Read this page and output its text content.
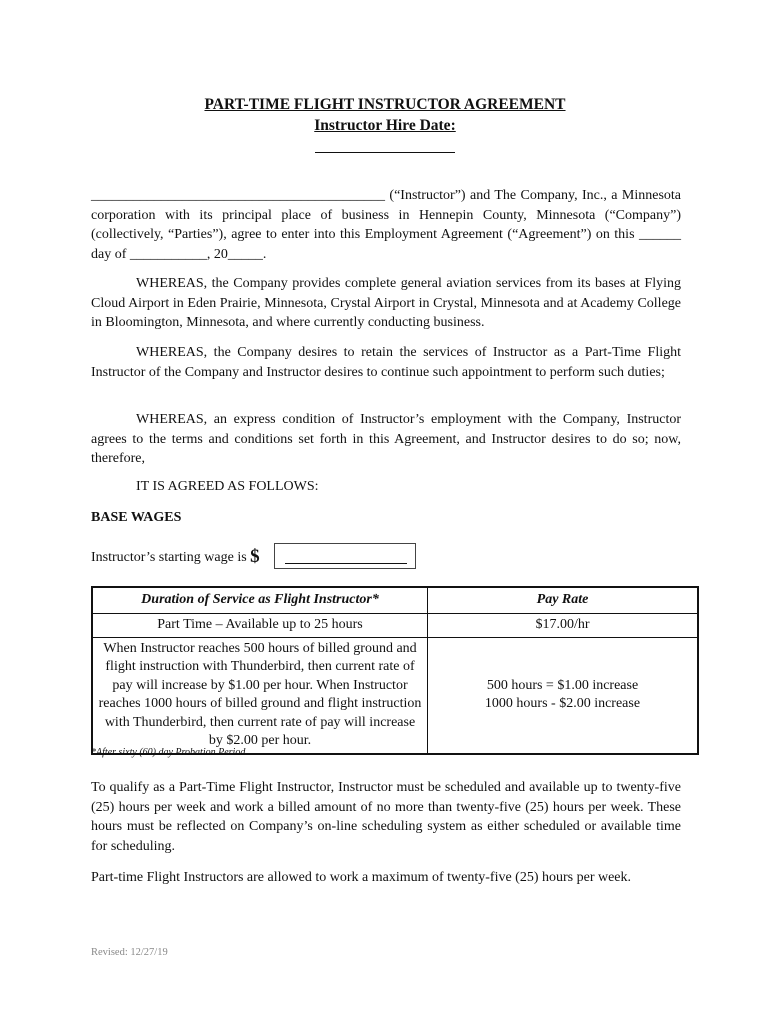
PART-TIME FLIGHT INSTRUCTOR AGREEMENT
Instructor Hire Date:
__________________________________________ (“Instructor”) and The Company, Inc., a Minnesota corporation with its principal place of business in Hennepin County, Minnesota (“Company”)(collectively, “Parties”), agree to enter into this Employment Agreement (“Agreement”) on this ______ day of ___________, 20_____.
WHEREAS, the Company provides complete general aviation services from its bases at Flying Cloud Airport in Eden Prairie, Minnesota, Crystal Airport in Crystal, Minnesota and at Academy College in Bloomington, Minnesota, and where currently conducting business.
WHEREAS, the Company desires to retain the services of Instructor as a Part-Time Flight Instructor of the Company and Instructor desires to continue such appointment to perform such duties;
WHEREAS, an express condition of Instructor’s employment with the Company, Instructor agrees to the terms and conditions set forth in this Agreement, and Instructor desires to do so; now, therefore,
IT IS AGREED AS FOLLOWS:
BASE WAGES
Instructor’s starting wage is $
Duration of Service as Flight Instructor*	Pay Rate
Part Time – Available up to 25 hours	$17.00/hr
When Instructor reaches 500 hours of billed ground and flight instruction with Thunderbird, then current rate of pay will increase by $1.00 per hour. When Instructor reaches 1000 hours of billed ground and flight instruction with Thunderbird, then current rate of pay will increase by $2.00 per hour.	500 hours = $1.00 increase
1000 hours - $2.00 increase
*After sixty (60) day Probation Period
To qualify as a Part-Time Flight Instructor, Instructor must be scheduled and available up to twenty-five (25) hours per week and work a billed amount of no more than twenty-five (25) hours per week. These hours must be reflected on Company’s on-line scheduling system as either scheduled or available time for scheduling.
Part-time Flight Instructors are allowed to work a maximum of twenty-five (25) hours per week.
Revised: 12/27/19
